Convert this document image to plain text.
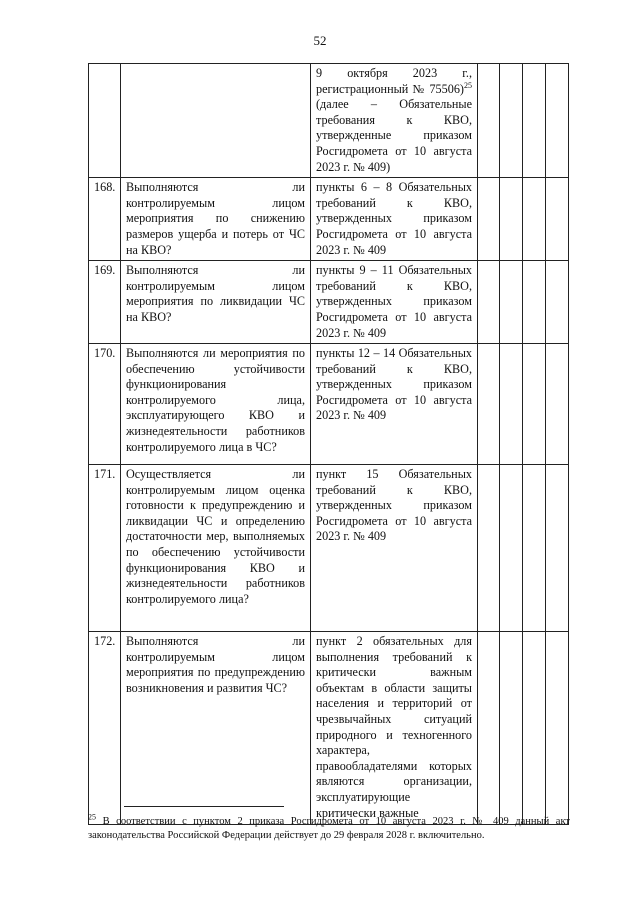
52
		9 октября 2023 г., регистрационный № 75506)$^{25}$ (далее – Обязательные требования к КВО, утвержденные приказом Росгидромета от 10 августа 2023 г. № 409)				
168.	Выполняются ли контролируемым лицом мероприятия по снижению размеров ущерба и потерь от ЧС на КВО?	пункты 6 – 8 Обязательных требований к КВО, утвержденных приказом Росгидромета от 10 августа 2023 г. № 409				
169.	Выполняются ли контролируемым лицом мероприятия по ликвидации ЧС на КВО?	пункты 9 – 11 Обязательных требований к КВО, утвержденных приказом Росгидромета от 10 августа 2023 г. № 409				
170.	Выполняются ли мероприятия по обеспечению устойчивости функционирования контролируемого лица, эксплуатирующего КВО и жизнедеятельности работников контролируемого лица в ЧС?	пункты 12 – 14 Обязательных требований к КВО, утвержденных приказом Росгидромета от 10 августа 2023 г. № 409				
171.	Осуществляется ли контролируемым лицом оценка готовности к предупреждению и ликвидации ЧС и определению достаточности мер, выполняемых по обеспечению устойчивости функционирования КВО и жизнедеятельности работников контролируемого лица?	пункт 15 Обязательных требований к КВО, утвержденных приказом Росгидромета от 10 августа 2023 г. № 409				
172.	Выполняются ли контролируемым лицом мероприятия по предупреждению возникновения и развития ЧС?	пункт 2 обязательных для выполнения требований к критически важным объектам в области защиты населения и территорий от чрезвычайных ситуаций природного и техногенного характера, правообладателями которых являются организации, эксплуатирующие критически важные				
$^{25}$ В соответствии с пунктом 2 приказа Росгидромета от 10 августа 2023 г. № 409 данный акт законодательства Российской Федерации действует до 29 февраля 2028 г. включительно.
